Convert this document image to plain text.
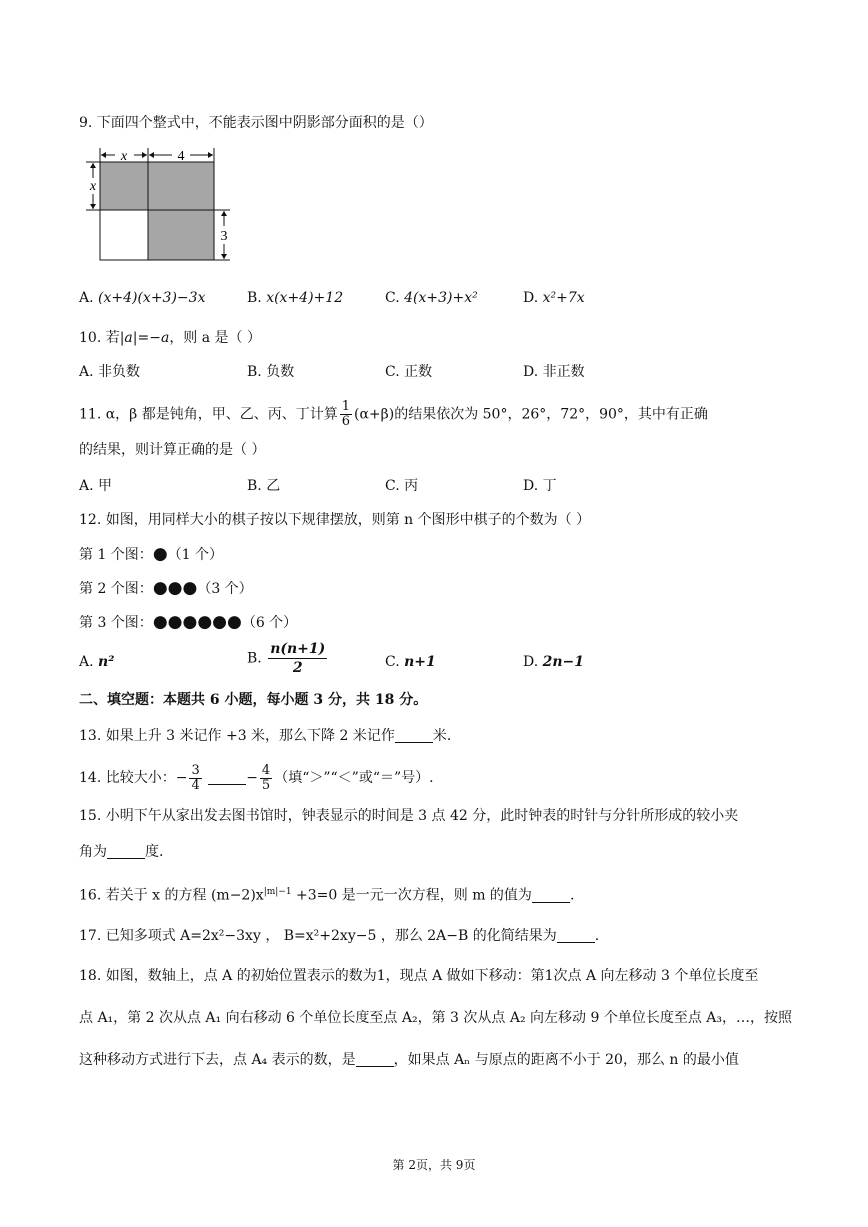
9. 下面四个整式中，不能表示图中阴影部分面积的是（）
x	4
x
3
A. (x+4)(x+3)−3x	B. x(x+4)+12	C. 4(x+3)+x²	D. x²+7x
10. 若|a|=−a，则 a 是（ ）
A. 非负数	B. 负数	C. 正数	D. 非正数
11. α，β 都是钝角，甲、乙、丙、丁计算 $\frac{1}{6} (\alpha+\beta)$的结果依次为 50°，26°，72°，90°，其中有正确
的结果，则计算正确的是（ ）
A. 甲	B. 乙	C. 丙	D. 丁
12. 如图，用同样大小的棋子按以下规律摆放，则第 n 个图形中棋子的个数为（ ）
第 1 个图：●（1 个）
第 2 个图：●●●（3 个）
第 3 个图：●●●●●●（6 个）
A. n²	B. $\frac{n(n+1)}{2}$	C. n+1	D. 2n−1
二、填空题：本题共 6 小题，每小题 3 分，共 18 分。
13. 如果上升 3 米记作 +3 米，那么下降 2 米记作	米.
14. 比较大小：− $\frac{3}{4}$	− $\frac{4}{5}$ （填“＞”“＜”或“＝”号）.
15. 小明下午从家出发去图书馆时，钟表显示的时间是 3 点 42 分，此时钟表的时针与分针所形成的较小夹
角为	度.
16. 若关于 x 的方程 $(m-2)x^{|m|-1} +3=0$ 是一元一次方程，则 m 的值为	.
17. 已知多项式 A=2x²−3xy ， B=x²+2xy−5 ，那么 2A−B 的化简结果为	.
18. 如图，数轴上，点 A 的初始位置表示的数为1，现点 A 做如下移动：第1次点 A 向左移动 3 个单位长度至
点 A₁，第 2 次从点 A₁ 向右移动 6 个单位长度至点 A₂，第 3 次从点 A₂ 向左移动 9 个单位长度至点 A₃，…，按照
这种移动方式进行下去，点 A₄ 表示的数，是	，如果点 Aₙ 与原点的距离不小于 20，那么 n 的最小值
第 2页，共 9页
